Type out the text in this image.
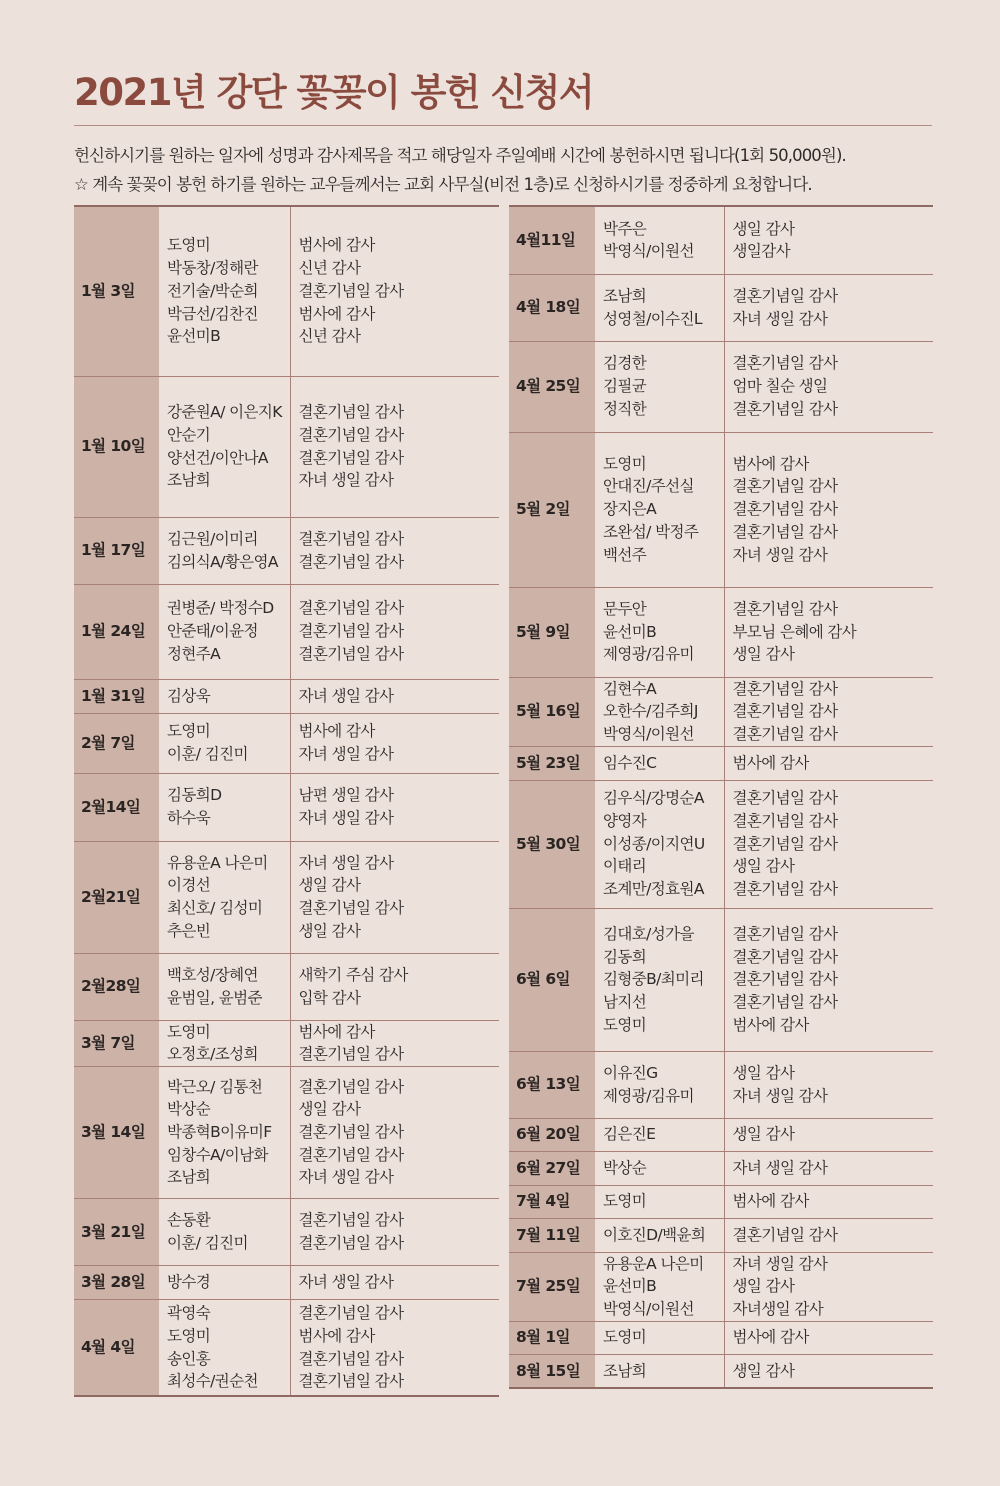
2021년 강단 꽃꽂이 봉헌 신청서
헌신하시기를 원하는 일자에 성명과 감사제목을 적고 해당일자 주일예배 시간에 봉헌하시면 됩니다(1회 50,000원).
☆ 계속 꽃꽂이 봉헌 하기를 원하는 교우들께서는 교회 사무실(비전 1층)로 신청하시기를 정중하게 요청합니다.
1월 3일	도영미
박동창/정해란
전기술/박순희
박금선/김찬진
윤선미B	범사에 감사
신년 감사
결혼기념일 감사
범사에 감사
신년 감사

1월 10일	강준원A/ 이은지K
안순기
양선건/이안나A
조남희	결혼기념일 감사
결혼기념일 감사
결혼기념일 감사
자녀 생일 감사

1월 17일	김근원/이미리
김의식A/황은영A	결혼기념일 감사
결혼기념일 감사

1월 24일	권병준/ 박정수D
안준태/이윤정
정현주A	결혼기념일 감사
결혼기념일 감사
결혼기념일 감사

1월 31일	김상욱	자녀 생일 감사

2월 7일	도영미
이훈/ 김진미	범사에 감사
자녀 생일 감사

2월14일	김동희D
하수욱	남편 생일 감사
자녀 생일 감사

2월21일	유용운A 나은미
이경선
최신호/ 김성미
추은빈	자녀 생일 감사
생일 감사
결혼기념일 감사
생일 감사

2월28일	백호성/장혜연
윤범일, 윤범준	새학기 주심 감사
입학 감사

3월 7일	도영미
오정호/조성희	범사에 감사
결혼기념일 감사

3월 14일	박근오/ 김통천
박상순
박종혁B이유미F
임창수A/이남화
조남희	결혼기념일 감사
생일 감사
결혼기념일 감사
결혼기념일 감사
자녀 생일 감사

3월 21일	손동환
이훈/ 김진미	결혼기념일 감사
결혼기념일 감사

3월 28일	방수경	자녀 생일 감사

4월 4일	곽영숙
도영미
송인홍
최성수/권순천	결혼기념일 감사
범사에 감사
결혼기념일 감사
결혼기념일 감사
4월11일	박주은
박영식/이원선	생일 감사
생일감사

4월 18일	조남희
성영철/이수진L	결혼기념일 감사
자녀 생일 감사

4월 25일	김경한
김필균
정직한	결혼기념일 감사
엄마 칠순 생일
결혼기념일 감사

5월 2일	도영미
안대진/주선실
장지은A
조완섭/ 박정주
백선주	범사에 감사
결혼기념일 감사
결혼기념일 감사
결혼기념일 감사
자녀 생일 감사

5월 9일	문두안
윤선미B
제영광/김유미	결혼기념일 감사
부모님 은혜에 감사
생일 감사

5월 16일	김현수A
오한수/김주희J
박영식/이원선	결혼기념일 감사
결혼기념일 감사
결혼기념일 감사

5월 23일	임수진C	범사에 감사

5월 30일	김우식/강명순A
양영자
이성종/이지연U
이태리
조계만/정효원A	결혼기념일 감사
결혼기념일 감사
결혼기념일 감사
생일 감사
결혼기념일 감사

6월 6일	김대호/성가을
김동희
김형중B/최미리
남지선
도영미	결혼기념일 감사
결혼기념일 감사
결혼기념일 감사
결혼기념일 감사
범사에 감사

6월 13일	이유진G
제영광/김유미	생일 감사
자녀 생일 감사

6월 20일	김은진E	생일 감사

6월 27일	박상순	자녀 생일 감사

7월 4일	도영미	범사에 감사

7월 11일	이호진D/백윤희	결혼기념일 감사

7월 25일	유용운A 나은미
윤선미B
박영식/이원선	자녀 생일 감사
생일 감사
자녀생일 감사

8월 1일	도영미	범사에 감사

8월 15일	조남희	생일 감사
